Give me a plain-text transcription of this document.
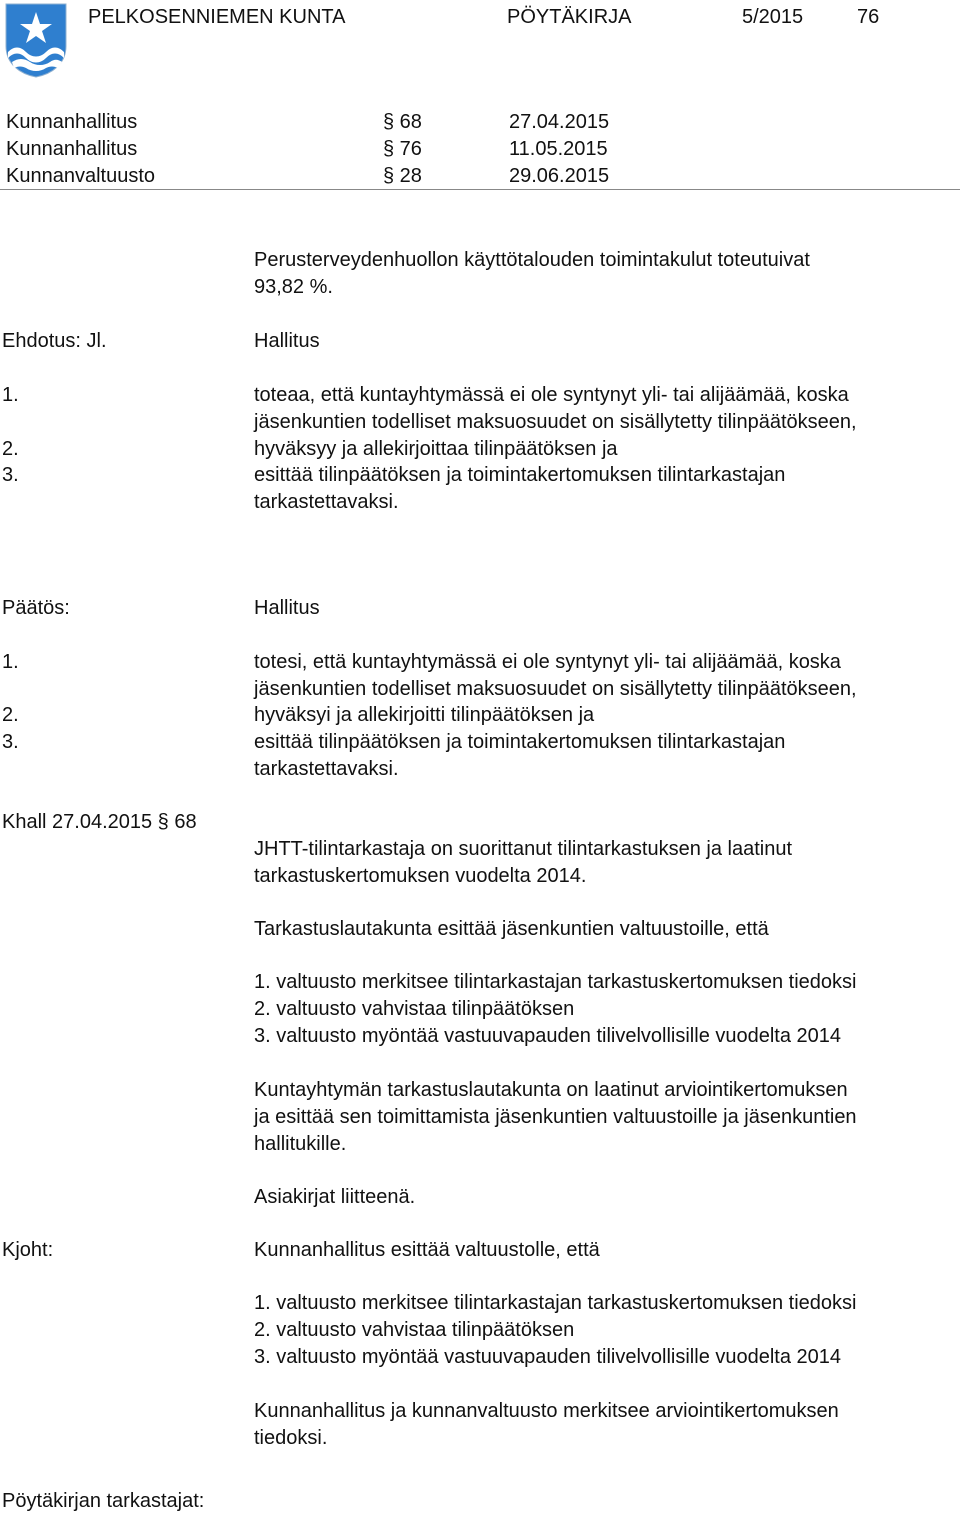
PELKOSENNIEMEN KUNTA	PÖYTÄKIRJA	5/2015	76
Kunnanhallitus	§ 68	27.04.2015
Kunnanhallitus	§ 76	11.05.2015
Kunnanvaltuusto	§ 28	29.06.2015
Perusterveydenhuollon käyttötalouden toimintakulut toteutuivat
93,82 %.
Ehdotus: Jl.	Hallitus
1.	toteaa, että kuntayhtymässä ei ole syntynyt yli- tai alijäämää, koska
jäsenkuntien todelliset maksuosuudet on sisällytetty tilinpäätökseen,
2.	hyväksyy ja allekirjoittaa tilinpäätöksen ja
3.	esittää tilinpäätöksen ja toimintakertomuksen tilintarkastajan
tarkastettavaksi.
Päätös:	Hallitus
1.	totesi, että kuntayhtymässä ei ole syntynyt yli- tai alijäämää, koska
jäsenkuntien todelliset maksuosuudet on sisällytetty tilinpäätökseen,
2.	hyväksyi ja allekirjoitti tilinpäätöksen ja
3.	esittää tilinpäätöksen ja toimintakertomuksen tilintarkastajan
tarkastettavaksi.
Khall 27.04.2015 § 68
JHTT-tilintarkastaja on suorittanut tilintarkastuksen ja laatinut
tarkastuskertomuksen vuodelta 2014.
Tarkastuslautakunta esittää jäsenkuntien valtuustoille, että
1. valtuusto merkitsee tilintarkastajan tarkastuskertomuksen tiedoksi
2. valtuusto vahvistaa tilinpäätöksen
3. valtuusto myöntää vastuuvapauden tilivelvollisille vuodelta 2014
Kuntayhtymän tarkastuslautakunta on laatinut arviointikertomuksen
ja esittää sen toimittamista jäsenkuntien valtuustoille ja jäsenkuntien
hallitukille.
Asiakirjat liitteenä.
Kjoht:	Kunnanhallitus esittää valtuustolle, että
1. valtuusto merkitsee tilintarkastajan tarkastuskertomuksen tiedoksi
2. valtuusto vahvistaa tilinpäätöksen
3. valtuusto myöntää vastuuvapauden tilivelvollisille vuodelta 2014
Kunnanhallitus ja kunnanvaltuusto merkitsee arviointikertomuksen
tiedoksi.
Pöytäkirjan tarkastajat:
